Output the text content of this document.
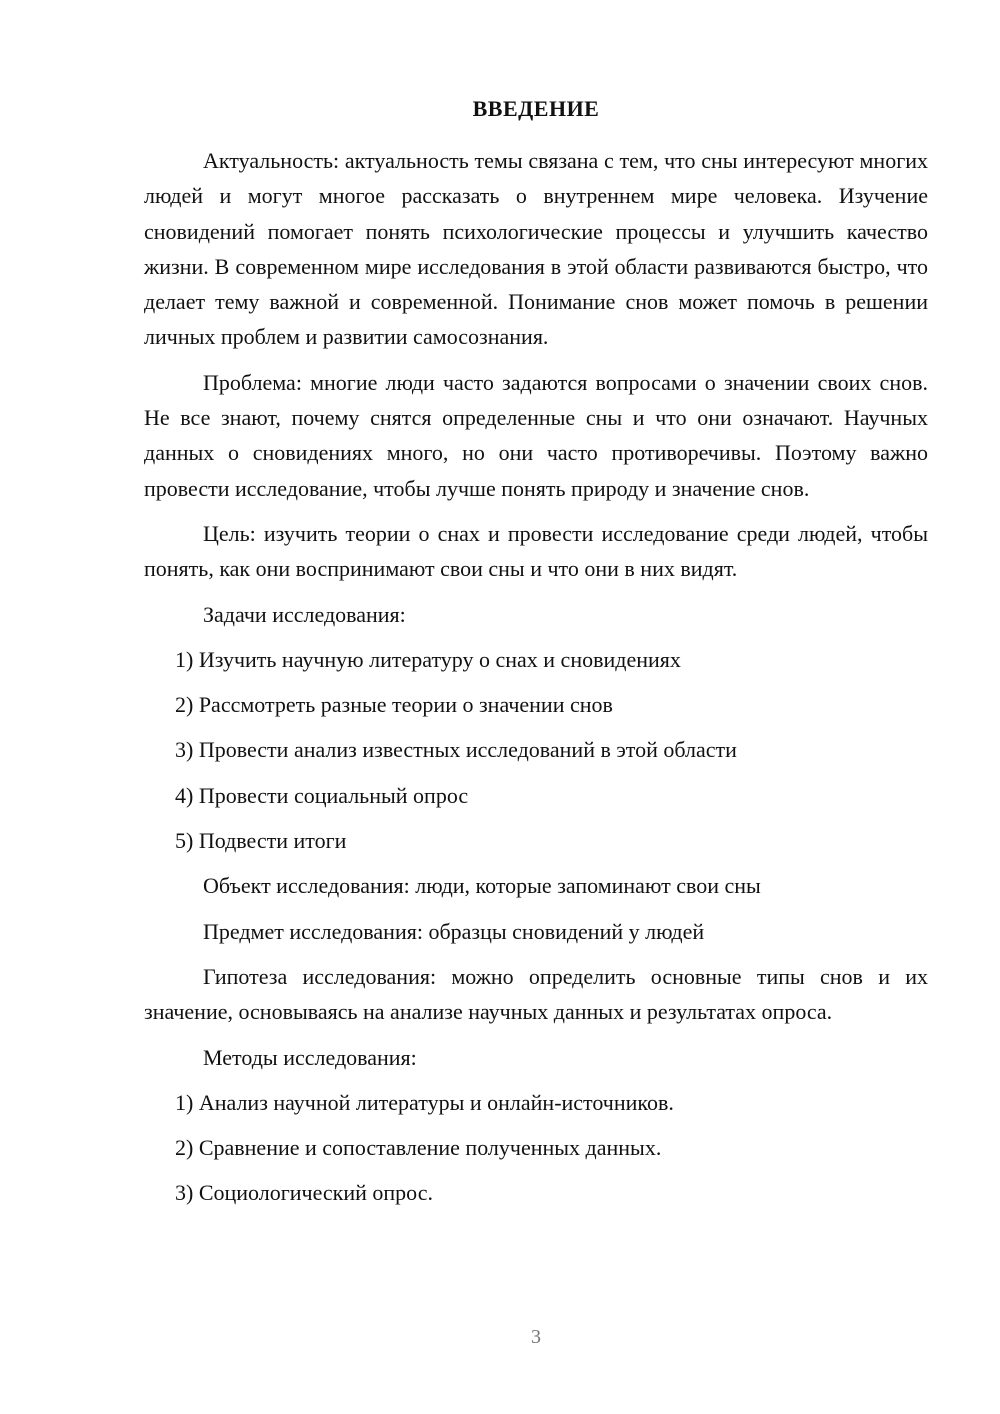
ВВЕДЕНИЕ

Актуальность: актуальность темы связана с тем, что сны интересуют многих людей и могут многое рассказать о внутреннем мире человека. Изучение сновидений помогает понять психологические процессы и улучшить качество жизни. В современном мире исследования в этой области развиваются быстро, что делает тему важной и современной. Понимание снов может помочь в решении личных проблем и развитии самосознания.

Проблема: многие люди часто задаются вопросами о значении своих снов. Не все знают, почему снятся определенные сны и что они означают. Научных данных о сновидениях много, но они часто противоречивы. Поэтому важно провести исследование, чтобы лучше понять природу и значение снов.

Цель: изучить теории о снах и провести исследование среди людей, чтобы понять, как они воспринимают свои сны и что они в них видят.

Задачи исследования:
1) Изучить научную литературу о снах и сновидениях
2) Рассмотреть разные теории о значении снов
3) Провести анализ известных исследований в этой области
4) Провести социальный опрос
5) Подвести итоги
Объект исследования: люди, которые запоминают свои сны
Предмет исследования: образцы сновидений у людей

Гипотеза исследования: можно определить основные типы снов и их значение, основываясь на анализе научных данных и результатах опроса.

Методы исследования:
1) Анализ научной литературы и онлайн-источников.
2) Сравнение и сопоставление полученных данных.
3) Социологический опрос.
3
